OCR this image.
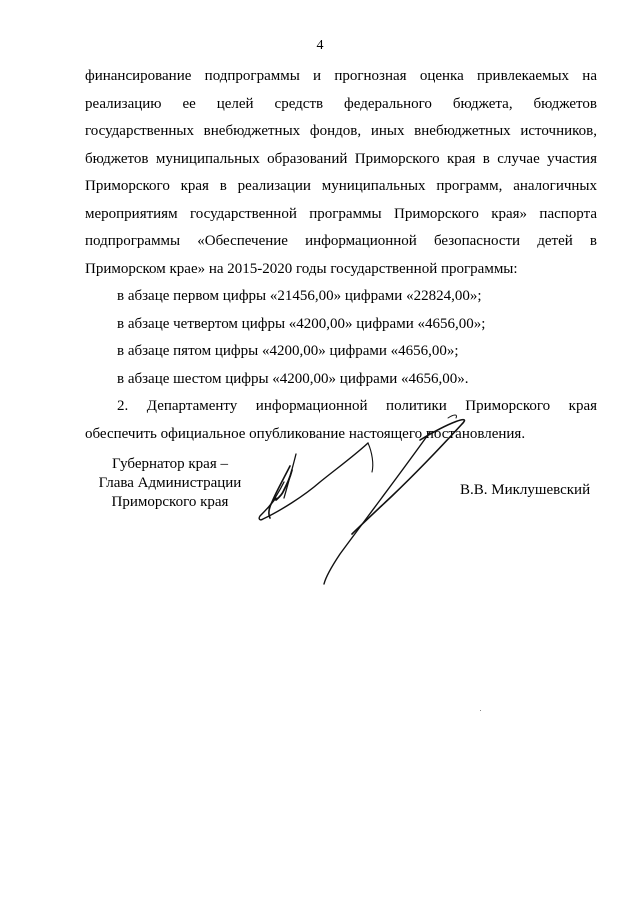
4
финансирование подпрограммы и прогнозная оценка привлекаемых на
реализацию ее целей средств федерального бюджета, бюджетов
государственных внебюджетных фондов, иных внебюджетных источников,
бюджетов муниципальных образований Приморского края в случае участия
Приморского края в реализации муниципальных программ, аналогичных
мероприятиям государственной программы Приморского края» паспорта
подпрограммы «Обеспечение информационной безопасности детей в
Приморском крае» на 2015-2020 годы государственной программы:
в абзаце первом цифры «21456,00» цифрами «22824,00»;
в абзаце четвертом цифры «4200,00» цифрами «4656,00»;
в абзаце пятом цифры «4200,00» цифрами «4656,00»;
в абзаце шестом цифры «4200,00» цифрами «4656,00».
2. Департаменту информационной политики Приморского края
обеспечить официальное опубликование настоящего постановления.
Губернатор края –
Глава Администрации
Приморского края
В.В. Миклушевский
